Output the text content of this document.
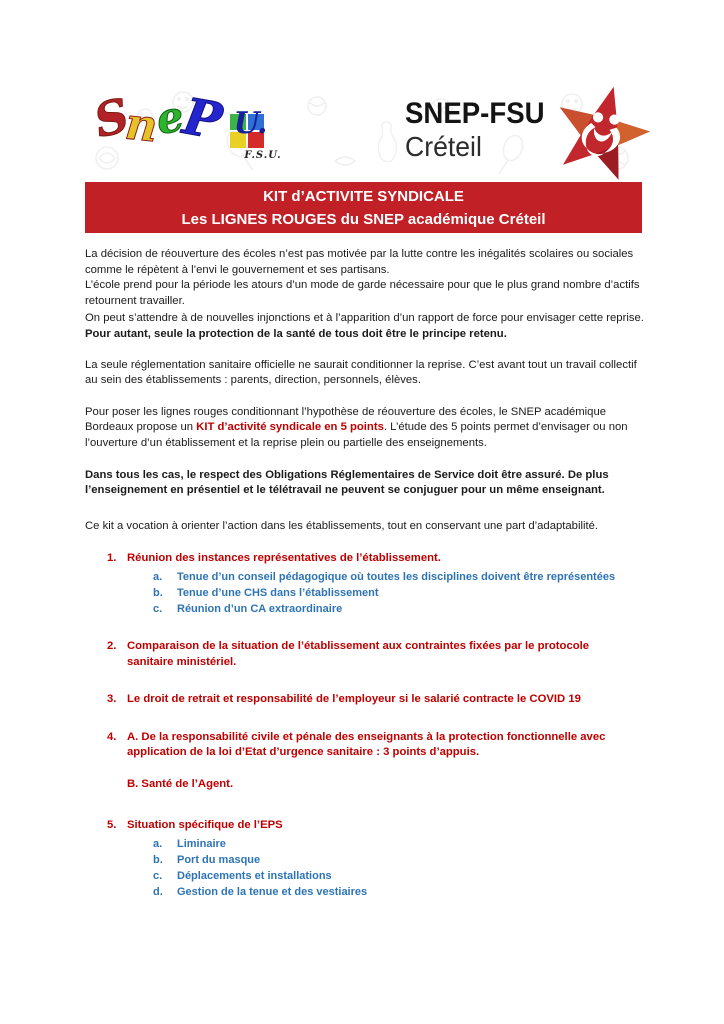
SneP U.
F.S.U.
SNEP-FSU
Créteil
KIT d’ACTIVITE SYNDICALE
Les LIGNES ROUGES du SNEP académique Créteil

La décision de réouverture des écoles n’est pas motivée par la lutte contre les inégalités scolaires ou sociales comme le répètent à l’envi le gouvernement et ses partisans.
L’école prend pour la période les atours d’un mode de garde nécessaire pour que le plus grand nombre d’actifs retournent travailler.

On peut s’attendre à de nouvelles injonctions et à l’apparition d’un rapport de force pour envisager cette reprise.
Pour autant, seule la protection de la santé de tous doit être le principe retenu.

La seule réglementation sanitaire officielle ne saurait conditionner la reprise. C’est avant tout un travail collectif au sein des établissements : parents, direction, personnels, élèves.

Pour poser les lignes rouges conditionnant l’hypothèse de réouverture des écoles, le SNEP académique Bordeaux propose un KIT d’activité syndicale en 5 points. L’étude des 5 points permet d’envisager ou non l’ouverture d’un établissement et la reprise plein ou partielle des enseignements.

Dans tous les cas, le respect des Obligations Réglementaires de Service doit être assuré. De plus l’enseignement en présentiel et le télétravail ne peuvent se conjuguer pour un même enseignant.

Ce kit a vocation à orienter l’action dans les établissements, tout en conservant une part d’adaptabilité.

1. Réunion des instances représentatives de l’établissement.
a.	Tenue d’un conseil pédagogique où toutes les disciplines doivent être représentées
b.	Tenue d’une CHS dans l’établissement
c.	Réunion d’un CA extraordinaire
2. Comparaison de la situation de l’établissement aux contraintes fixées par le protocole sanitaire ministériel.
3. Le droit de retrait et responsabilité de l’employeur si le salarié contracte le COVID 19
4. A. De la responsabilité civile et pénale des enseignants à la protection fonctionnelle avec application de la loi d’Etat d’urgence sanitaire : 3 points d’appuis.
B. Santé de l’Agent.
5. Situation spécifique de l’EPS
a.	Liminaire
b.	Port du masque
c.	Déplacements et installations
d.	Gestion de la tenue et des vestiaires
